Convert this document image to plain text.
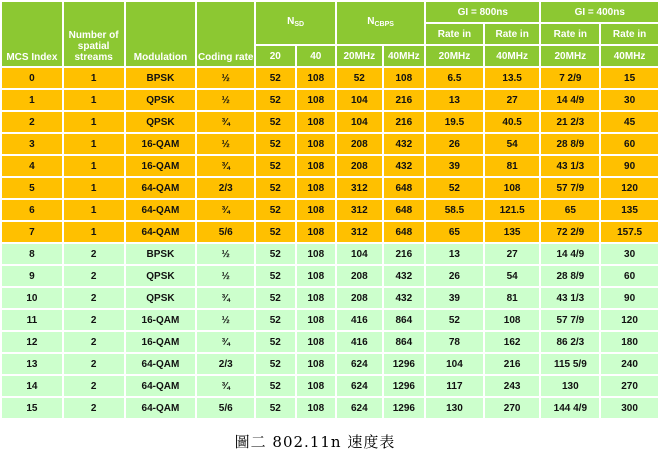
MCS Index	Number of spatial streams	Modulation	Coding rate	$N_{SD}$		$N_{CBPS}$		GI = 800ns		GI = 400ns	
								Rate in	Rate in	Rate in	Rate in
				20	40	20MHz	40MHz	20MHz	40MHz	20MHz	40MHz
0	1	BPSK	½	52	108	52	108	6.5	13.5	7 2/9	15
1	1	QPSK	½	52	108	104	216	13	27	14 4/9	30
2	1	QPSK	¾	52	108	104	216	19.5	40.5	21 2/3	45
3	1	16-QAM	½	52	108	208	432	26	54	28 8/9	60
4	1	16-QAM	¾	52	108	208	432	39	81	43 1/3	90
5	1	64-QAM	2/3	52	108	312	648	52	108	57 7/9	120
6	1	64-QAM	¾	52	108	312	648	58.5	121.5	65	135
7	1	64-QAM	5/6	52	108	312	648	65	135	72 2/9	157.5
8	2	BPSK	½	52	108	104	216	13	27	14 4/9	30
9	2	QPSK	½	52	108	208	432	26	54	28 8/9	60
10	2	QPSK	¾	52	108	208	432	39	81	43 1/3	90
11	2	16-QAM	½	52	108	416	864	52	108	57 7/9	120
12	2	16-QAM	¾	52	108	416	864	78	162	86 2/3	180
13	2	64-QAM	2/3	52	108	624	1296	104	216	115 5/9	240
14	2	64-QAM	¾	52	108	624	1296	117	243	130	270
15	2	64-QAM	5/6	52	108	624	1296	130	270	144 4/9	300
圖二 802.11n 速度表
